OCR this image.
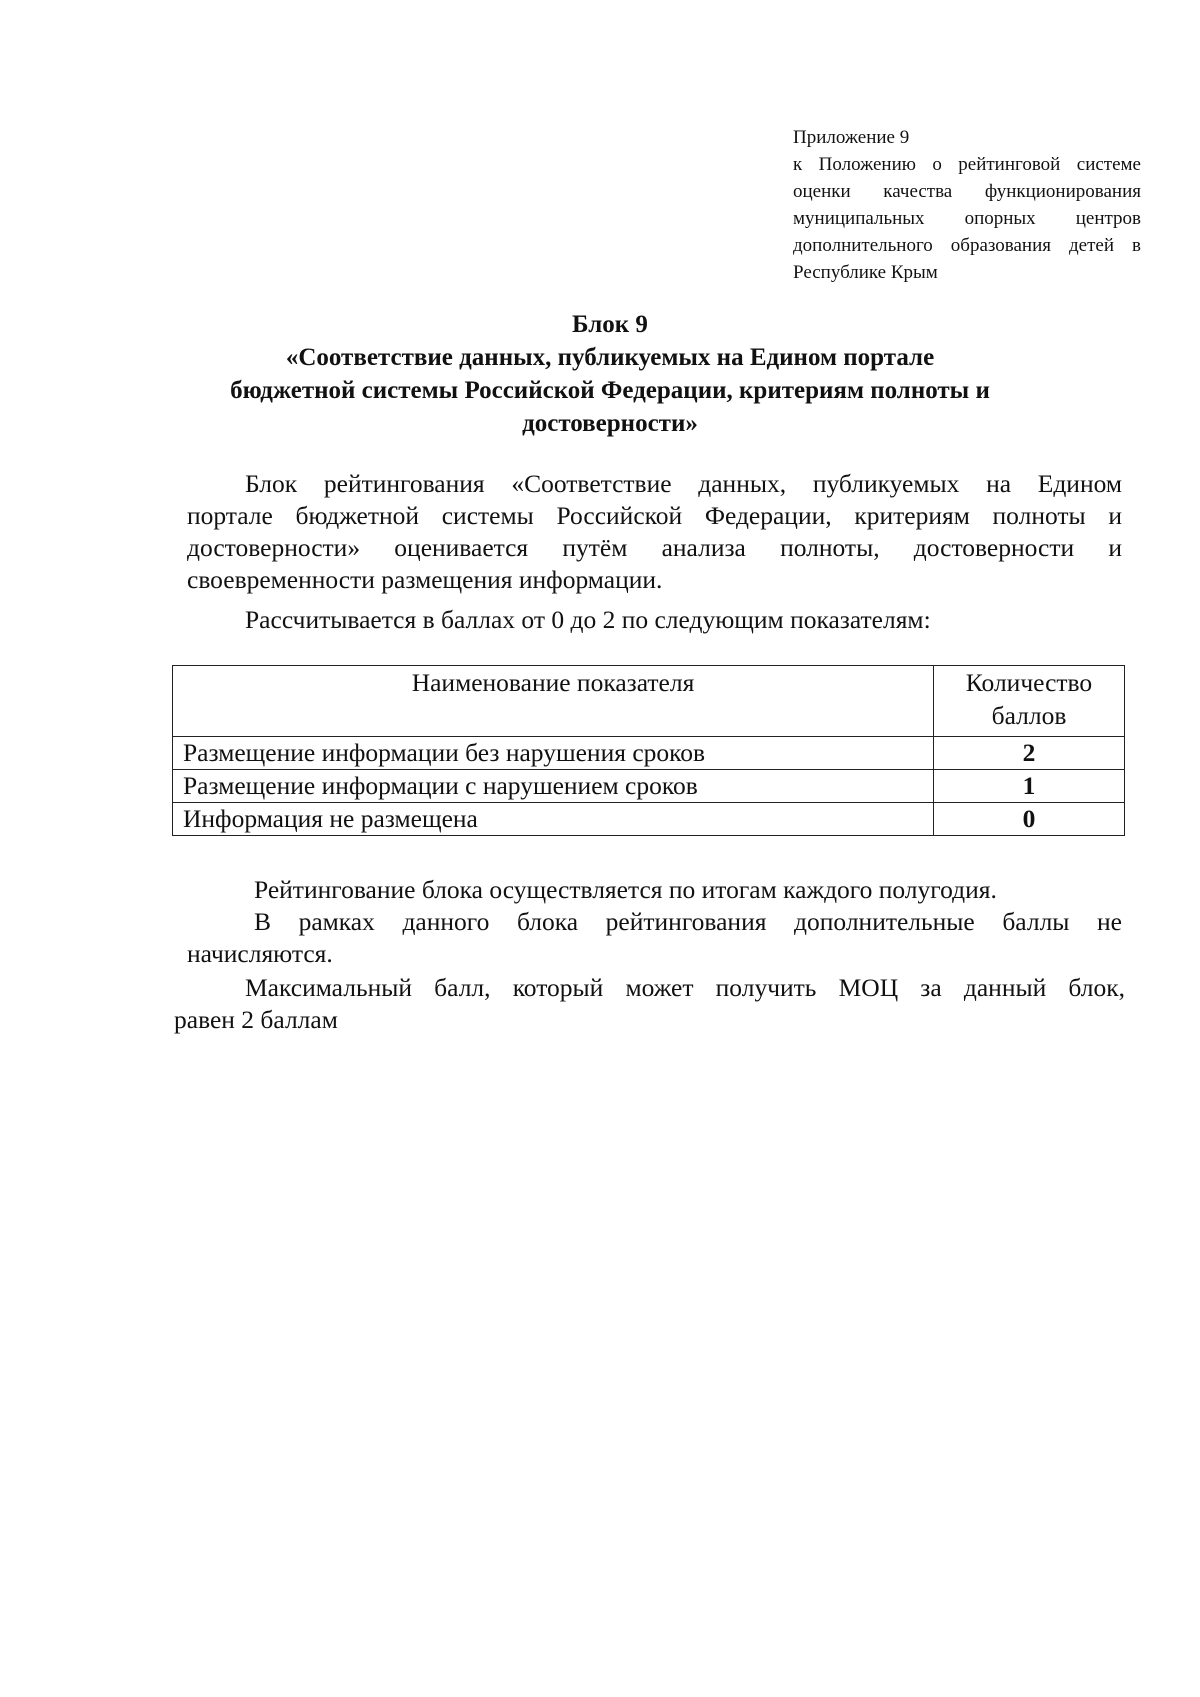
Приложение 9
к Положению о рейтинговой системе
оценки качества функционирования
муниципальных опорных центров
дополнительного образования детей в
Республике Крым
Блок 9
«Соответствие данных, публикуемых на Едином портале
бюджетной системы Российской Федерации, критериям полноты и
достоверности»
Блок рейтингования «Соответствие данных, публикуемых на Едином
портале бюджетной системы Российской Федерации, критериям полноты и
достоверности» оценивается путём анализа полноты, достоверности и
своевременности размещения информации.
Рассчитывается в баллах от 0 до 2 по следующим показателям:
Наименование показателя	Количество
баллов
Размещение информации без нарушения сроков	2
Размещение информации с нарушением сроков	1
Информация не размещена	0
Рейтингование блока осуществляется по итогам каждого полугодия.
В рамках данного блока рейтингования дополнительные баллы не
начисляются.
Максимальный балл, который может получить МОЦ за данный блок,
равен 2 баллам
